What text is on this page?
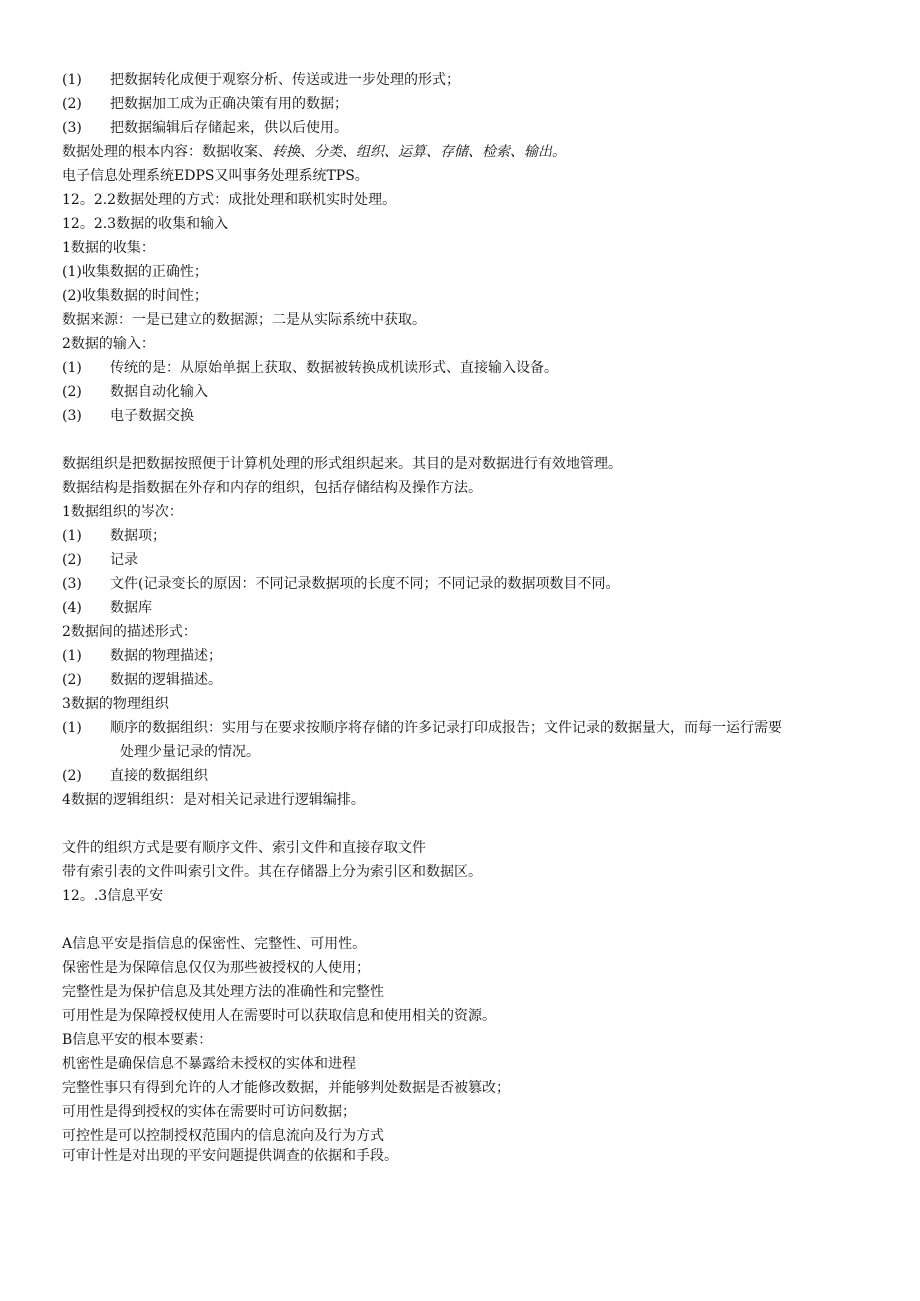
(1) 把数据转化成便于观察分析、传送或进一步处理的形式；
(2) 把数据加工成为正确决策有用的数据；
(3) 把数据编辑后存储起来，供以后使用。
数据处理的根本内容：数据收案、转换、分类、组织、运算、存储、检索、输出。
电子信息处理系统EDPS又叫事务处理系统TPS。
12。2.2数据处理的方式：成批处理和联机实时处理。
12。2.3数据的收集和输入
1数据的收集：
(1)收集数据的正确性；
(2)收集数据的时间性；
数据来源：一是已建立的数据源；二是从实际系统中获取。
2数据的输入：
(1) 传统的是：从原始单据上获取、数据被转换成机读形式、直接输入设备。
(2) 数据自动化输入
(3) 电子数据交换
数据组织是把数据按照便于计算机处理的形式组织起来。其目的是对数据进行有效地管理。
数据结构是指数据在外存和内存的组织，包括存储结构及操作方法。
1数据组织的岑次：
(1) 数据项；
(2) 记录
(3) 文件(记录变长的原因：不同记录数据项的长度不同；不同记录的数据项数目不同。
(4) 数据库
2数据间的描述形式：
(1) 数据的物理描述；
(2) 数据的逻辑描述。
3数据的物理组织
(1) 顺序的数据组织：实用与在要求按顺序将存储的许多记录打印成报告；文件记录的数据量大，而每一运行需要
处理少量记录的情况。
(2) 直接的数据组织
4数据的逻辑组织：是对相关记录进行逻辑编排。
文件的组织方式是要有顺序文件、索引文件和直接存取文件
带有索引表的文件叫索引文件。其在存储器上分为索引区和数据区。
12。.3信息平安
A信息平安是指信息的保密性、完整性、可用性。
保密性是为保障信息仅仅为那些被授权的人使用；
完整性是为保护信息及其处理方法的准确性和完整性
可用性是为保障授权使用人在需要时可以获取信息和使用相关的资源。
B信息平安的根本要素：
机密性是确保信息不暴露给未授权的实体和进程
完整性事只有得到允许的人才能修改数据，并能够判处数据是否被篡改；
可用性是得到授权的实体在需要时可访问数据；
可控性是可以控制授权范围内的信息流向及行为方式
可审计性是对出现的平安问题提供调查的依据和手段。
